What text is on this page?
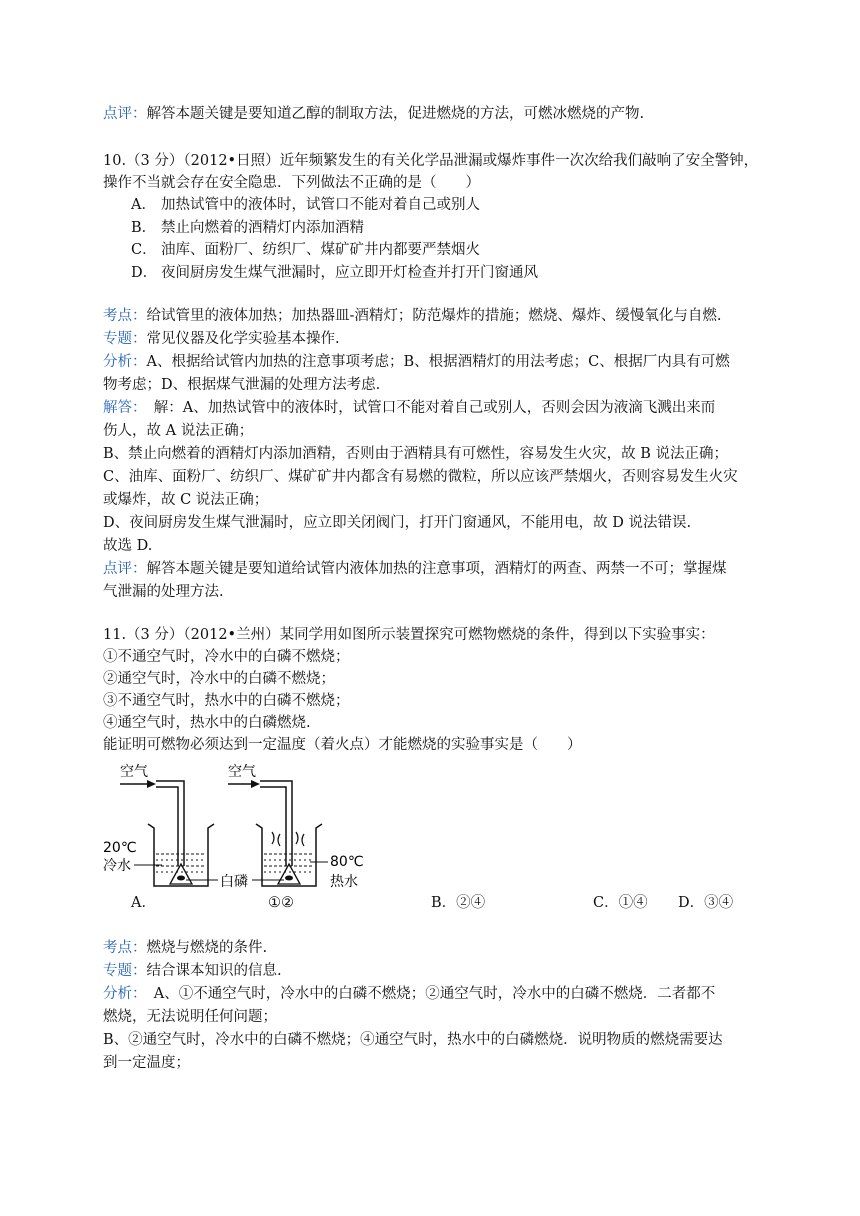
点评：解答本题关键是要知道乙醇的制取方法，促进燃烧的方法，可燃冰燃烧的产物.
10.（3 分）（2012•日照）近年频繁发生的有关化学品泄漏或爆炸事件一次次给我们敲响了安全警钟，
操作不当就会存在安全隐患．下列做法不正确的是（　　）
A． 加热试管中的液体时，试管口不能对着自己或别人
B． 禁止向燃着的酒精灯内添加酒精
C． 油库、面粉厂、纺织厂、煤矿矿井内都要严禁烟火
D． 夜间厨房发生煤气泄漏时，应立即开灯检查并打开门窗通风
考点：给试管里的液体加热；加热器皿-酒精灯；防范爆炸的措施；燃烧、爆炸、缓慢氧化与自燃.
专题：常见仪器及化学实验基本操作.
分析：A、根据给试管内加热的注意事项考虑；B、根据酒精灯的用法考虑；C、根据厂内具有可燃
物考虑；D、根据煤气泄漏的处理方法考虑.
解答：　解：A、加热试管中的液体时，试管口不能对着自己或别人，否则会因为液滴飞溅出来而
伤人，故 A 说法正确；
B、禁止向燃着的酒精灯内添加酒精，否则由于酒精具有可燃性，容易发生火灾，故 B 说法正确；
C、油库、面粉厂、纺织厂、煤矿矿井内都含有易燃的微粒，所以应该严禁烟火，否则容易发生火灾
或爆炸，故 C 说法正确；
D、夜间厨房发生煤气泄漏时，应立即关闭阀门，打开门窗通风，不能用电，故 D 说法错误.
故选 D.
点评：解答本题关键是要知道给试管内液体加热的注意事项，酒精灯的两查、两禁一不可；掌握煤
气泄漏的处理方法.
11.（3 分）（2012•兰州）某同学用如图所示装置探究可燃物燃烧的条件，得到以下实验事实：
①不通空气时，冷水中的白磷不燃烧；
②通空气时，冷水中的白磷不燃烧；
③不通空气时，热水中的白磷不燃烧；
④通空气时，热水中的白磷燃烧.
能证明可燃物必须达到一定温度（着火点）才能燃烧的实验事实是（　　）
空气	空气
20℃
冷水
白磷
80℃
热水
A．	①②	B．②④	C．①④ D．③④
考点：燃烧与燃烧的条件.
专题：结合课本知识的信息.
分析：　A、①不通空气时，冷水中的白磷不燃烧；②通空气时，冷水中的白磷不燃烧．二者都不
燃烧，无法说明任何问题；
B、②通空气时，冷水中的白磷不燃烧；④通空气时，热水中的白磷燃烧．说明物质的燃烧需要达
到一定温度；
